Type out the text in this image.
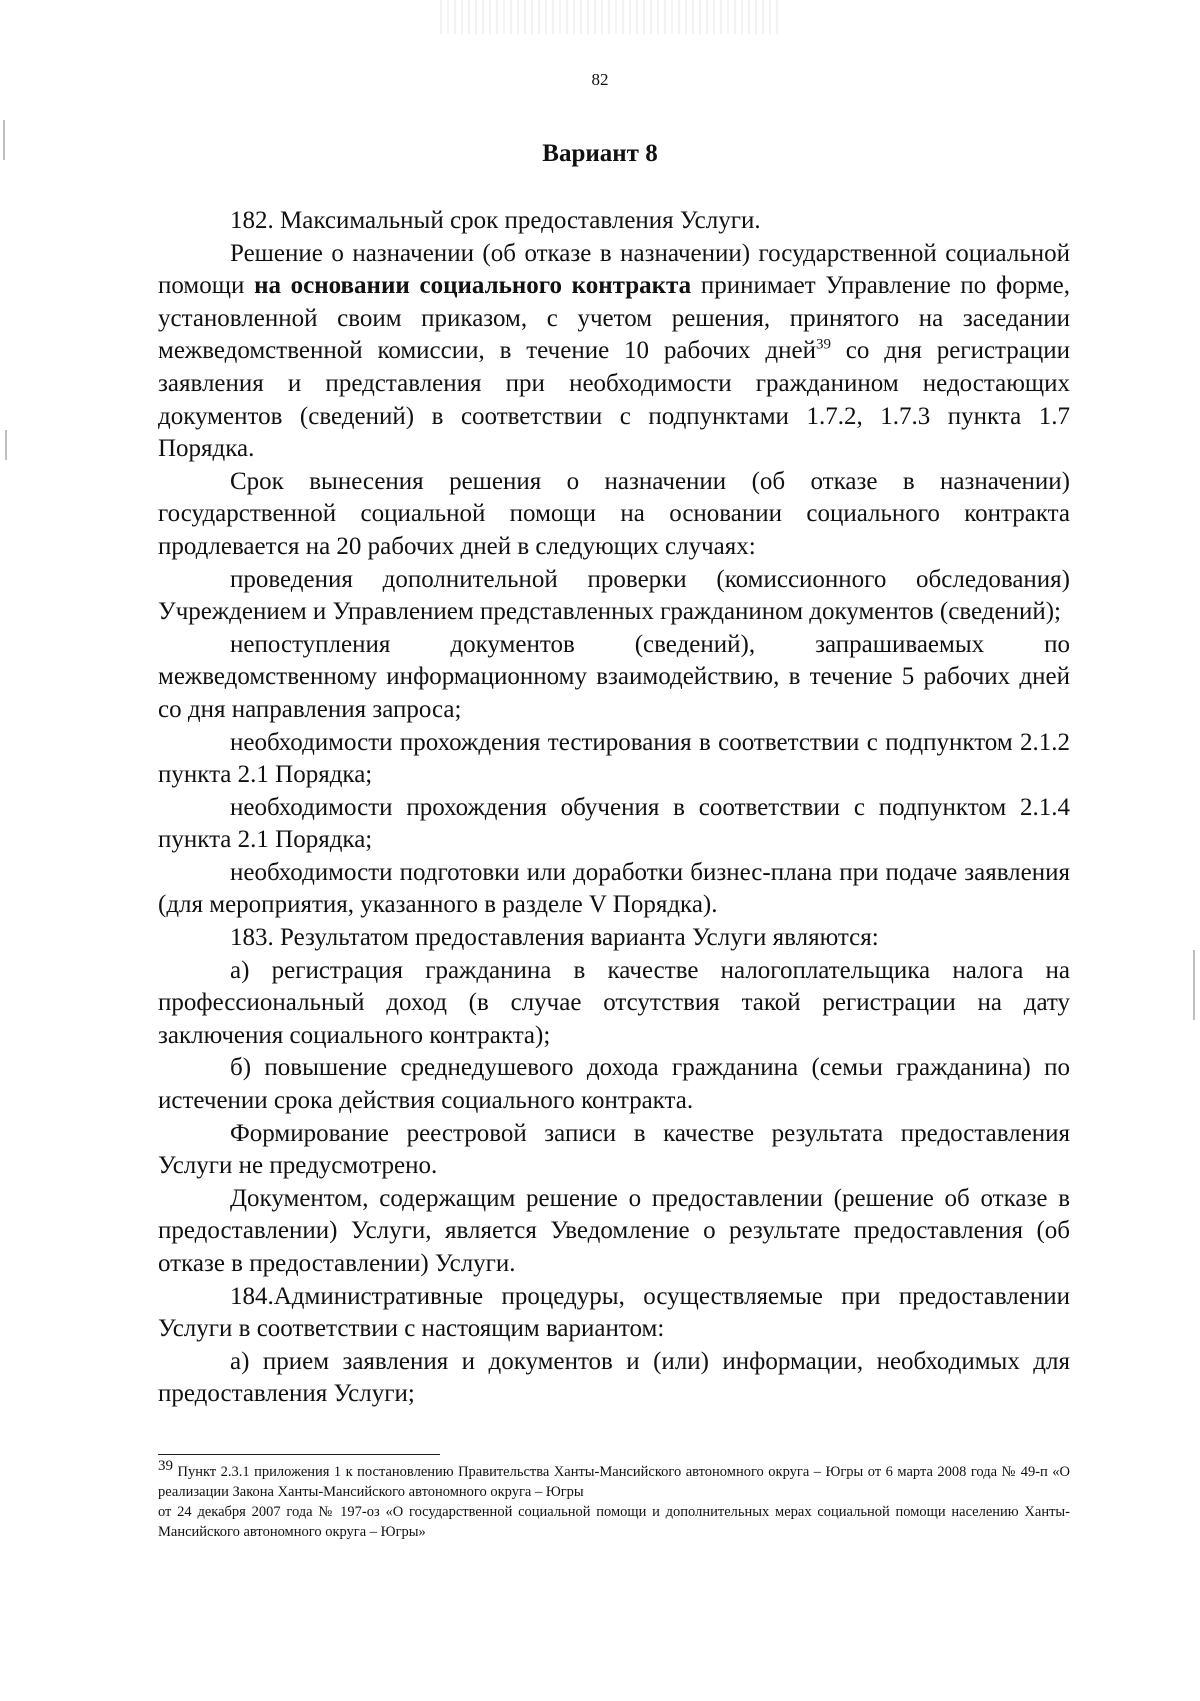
82
Вариант 8

182. Максимальный срок предоставления Услуги.

Решение о назначении (об отказе в назначении) государственной социальной помощи на основании социального контракта принимает Управление по форме, установленной своим приказом, с учетом решения, принятого на заседании межведомственной комиссии, в течение 10 рабочих дней$^{39}$ со дня регистрации заявления и представления при необходимости гражданином недостающих документов (сведений) в соответствии с подпунктами 1.7.2, 1.7.3 пункта 1.7 Порядка.

Срок вынесения решения о назначении (об отказе в назначении) государственной социальной помощи на основании социального контракта продлевается на 20 рабочих дней в следующих случаях:

проведения дополнительной проверки (комиссионного обследования) Учреждением и Управлением представленных гражданином документов (сведений);

непоступления документов (сведений), запрашиваемых по межведомственному информационному взаимодействию, в течение 5 рабочих дней со дня направления запроса;

необходимости прохождения тестирования в соответствии с подпунктом 2.1.2 пункта 2.1 Порядка;

необходимости прохождения обучения в соответствии с подпунктом 2.1.4 пункта 2.1 Порядка;

необходимости подготовки или доработки бизнес-плана при подаче заявления (для мероприятия, указанного в разделе V Порядка).

183. Результатом предоставления варианта Услуги являются:

а) регистрация гражданина в качестве налогоплательщика налога на профессиональный доход (в случае отсутствия такой регистрации на дату заключения социального контракта);

б) повышение среднедушевого дохода гражданина (семьи гражданина) по истечении срока действия социального контракта.

Формирование реестровой записи в качестве результата предоставления Услуги не предусмотрено.

Документом, содержащим решение о предоставлении (решение об отказе в предоставлении) Услуги, является Уведомление о результате предоставления (об отказе в предоставлении) Услуги.

184.Административные процедуры, осуществляемые при предоставлении Услуги в соответствии с настоящим вариантом:

а) прием заявления и документов и (или) информации, необходимых для предоставления Услуги;

$^{39}$ Пункт 2.3.1 приложения 1 к постановлению Правительства Ханты-Мансийского автономного округа – Югры от 6 марта 2008 года № 49-п «О реализации Закона Ханты-Мансийского автономного округа – Югры

от 24 декабря 2007 года № 197-оз «О государственной социальной помощи и дополнительных мерах социальной помощи населению Ханты-Мансийского автономного округа – Югры»
